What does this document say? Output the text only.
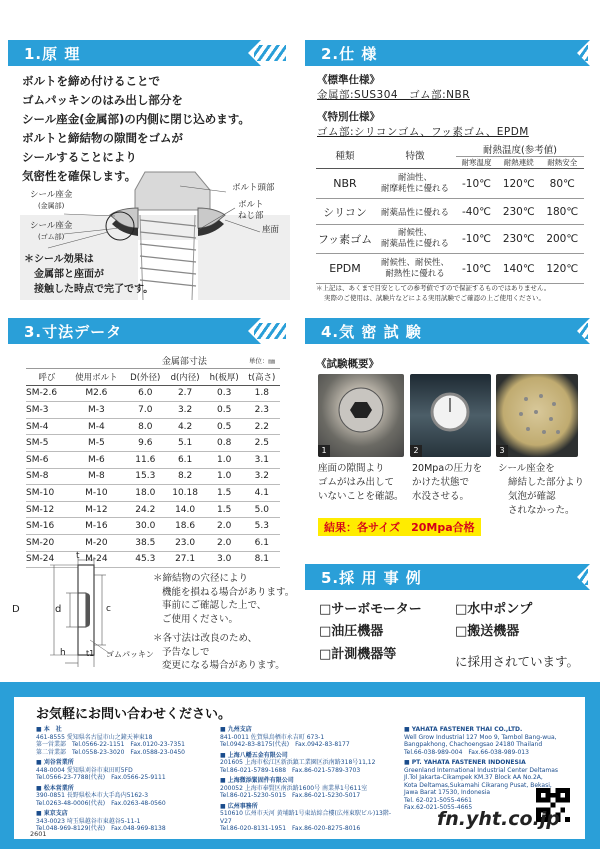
1.原 理
ボルトを締め付けることで
ゴムパッキンのはみ出し部分を
シール座金(金属部)の内側に閉じ込めます。
ボルトと締結物の隙間をゴムが
シールすることにより
気密性を確保します。
ボルト頭部
ボルト
ねじ部
シール座金
(金属部)
シール座金
(ゴム部)
座面
＊シール効果は
金属部と座面が
接触した時点で完了です。
2.仕 様
《標準仕様》
金属部:SUS304　ゴム部:NBR
《特別仕様》
ゴム部:シリコンゴム、フッ素ゴム、EPDM
種類	特徴	耐熱温度(参考値)		
		耐寒温度	耐熱連続	耐熱安全
NBR	耐油性、
耐摩耗性に優れる	-10℃	120℃	80℃
シリコン	耐薬品性に優れる	-40℃	230℃	180℃
フッ素ゴム	耐候性、
耐薬品性に優れる	-10℃	230℃	200℃
EPDM	耐候性、耐侯性、
耐熱性に優れる	-10℃	140℃	120℃
＊上記は、あくまで目安としての参考値ですので保証するものではありません。
実際のご使用は、試験片などによる実用試験でご確認の上ご使用ください。
3.寸法データ
		金属部寸法			単位：㎜
呼び	使用ボルト	D(外径)	d(内径)	h(板厚)	t(高さ)
SM-2.6	M2.6	6.0	2.7	0.3	1.8
SM-3	M-3	7.0	3.2	0.5	2.3
SM-4	M-4	8.0	4.2	0.5	2.2
SM-5	M-5	9.6	5.1	0.8	2.5
SM-6	M-6	11.6	6.1	1.0	3.1
SM-8	M-8	15.3	8.2	1.0	3.2
SM-10	M-10	18.0	10.18	1.5	4.1
SM-12	M-12	24.2	14.0	1.5	5.0
SM-16	M-16	30.0	18.6	2.0	5.3
SM-20	M-20	38.5	23.0	2.0	6.1
SM-24	M-24	45.3	27.1	3.0	8.1
D	d
t
c
h	t1 ゴムパッキン
＊締結物の穴径により
機能を損ねる場合があります。
事前にご確認した上で、
ご使用ください。
＊各寸法は改良のため、
予告なしで
変更になる場合があります。
4.気 密 試 験
《試験概要》
1	2	3
座面の隙間より
ゴムがはみ出して
いないことを確認。
20Mpaの圧力を
かけた状態で
水没させる。
シール座金を
締結した部分より
気泡が確認
されなかった。
結果：各サイズ　20Mpa合格
5.採 用 事 例
□サーボモーター	□水中ポンプ
□油圧機器	□搬送機器
□計測機器等	に採用されています。
お気軽にお問い合わせください。
■ 本　社
461-8555 愛知県名古屋市山之鐘天神東18
第一営業部　Tel.0566-22-1151　Fax.0120-23-7351
第二営業部　Tel.0558-23-3020　Fax.0588-23-0450
■ 刈谷営業所
448-0004 愛知県刈谷市東田町5FD
Tel.0566-23-7788(代表)　Fax.0566-25-9111
■ 松本営業所
390-0851 長野県松本市大手島内5162-3
Tel.0263-48-0006(代表)　Fax.0263-48-0560
■ 東京支店
343-0023 埼玉県越谷市東越谷5-11-1
Tel.048-969-8129(代表)　Fax.048-969-8138
■ 九州支店
841-0011 佐賀県鳥栖市永吉町 673-1
Tel.0942-83-8175(代表)　Fax.0942-83-8177
■ 上海八幡五金有限公司
201605 上海市松江区新浜鎮工業園区浜南路318号11,12
Tel.86-021-5789-1688　Fax.86-021-5789-3703
■ 上海微添緊固件有限公司
200052 上海市奉賢区南浜路1600号 南業界1号611室
Tel.86-021-5230-5015　Fax.86-021-5230-5017
■ 広州事務所
510610 広州市天河 黄埔路1号東站綜合樓(広州東駅ビル)13階-V27
Tel.86-020-8131-1951　Fax.86-020-8275-8016
■ YAHATA FASTENER THAI CO.,LTD.
Well Grow Industrial 127 Moo 9, Tambol Bang-wua,
Bangpakhong, Chachoengsao 24180 Thailand
Tel.66-038-989-004　Fax.66-038-989-013
■ PT. YAHATA FASTENER INDONESIA
Greenland International Industrial Center Deltamas
Jl.Tol Jakarta-Cikampek KM.37 Block AA No.2A,
Kota Deltamas,Sukamahi Cikarang Pusat, Bekasi,
Jawa Barat 17530, Indonesia
Tel. 62-021-5055-4661
Fax.62-021-5055-4665
fn.yht.co.jp
2601
